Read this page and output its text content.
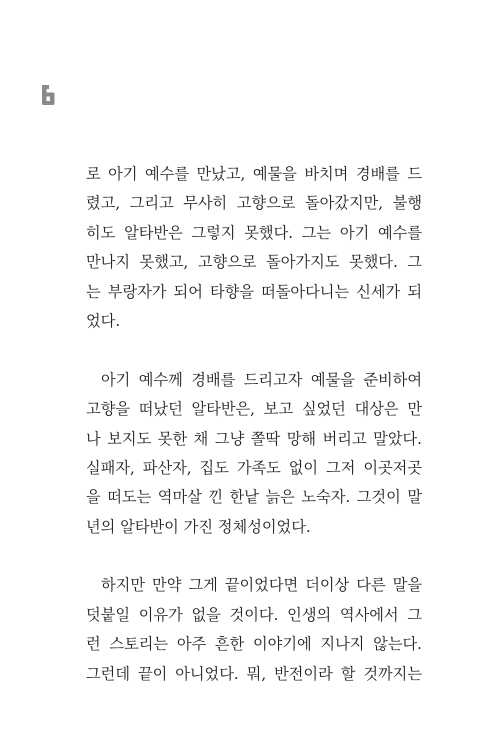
로 아기 예수를 만났고, 예물을 바치며 경배를 드
렸고, 그리고 무사히 고향으로 돌아갔지만, 불행
히도 알타반은 그렇지 못했다. 그는 아기 예수를
만나지 못했고, 고향으로 돌아가지도 못했다. 그
는 부랑자가 되어 타향을 떠돌아다니는 신세가 되
었다.

아기 예수께 경배를 드리고자 예물을 준비하여
고향을 떠났던 알타반은, 보고 싶었던 대상은 만
나 보지도 못한 채 그냥 쫄딱 망해 버리고 말았다.
실패자, 파산자, 집도 가족도 없이 그저 이곳저곳
을 떠도는 역마살 낀 한낱 늙은 노숙자. 그것이 말
년의 알타반이 가진 정체성이었다.

하지만 만약 그게 끝이었다면 더이상 다른 말을
덧붙일 이유가 없을 것이다. 인생의 역사에서 그
런 스토리는 아주 흔한 이야기에 지나지 않는다.
그런데 끝이 아니었다. 뭐, 반전이라 할 것까지는
